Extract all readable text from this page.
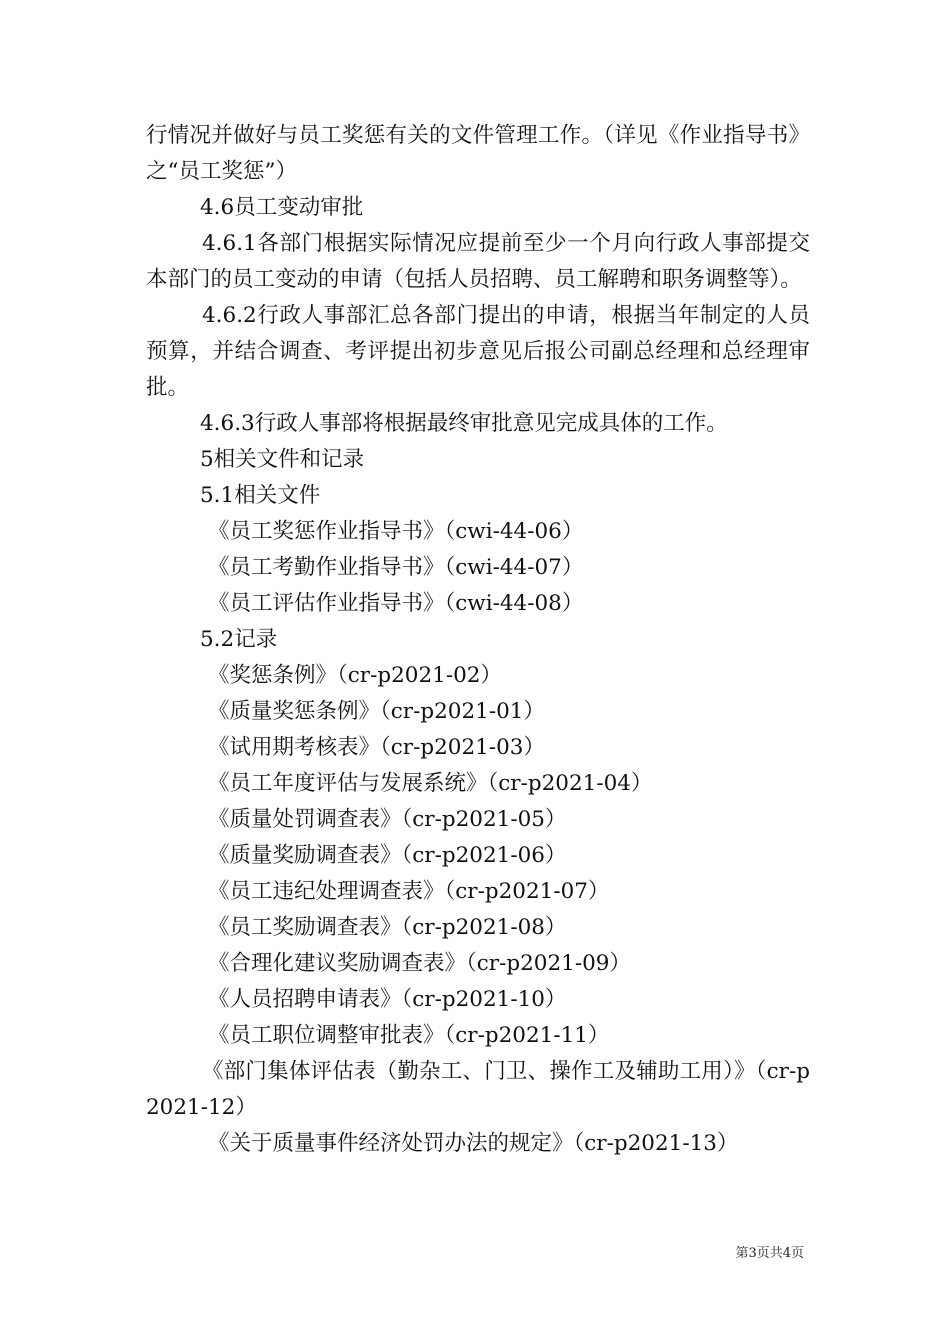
行情况并做好与员工奖惩有关的文件管理工作。（详见《作业指导书》之“员工奖惩”）

4.6员工变动审批

4.6.1各部门根据实际情况应提前至少一个月向行政人事部提交本部门的员工变动的申请（包括人员招聘、员工解聘和职务调整等）。

4.6.2行政人事部汇总各部门提出的申请，根据当年制定的人员预算，并结合调查、考评提出初步意见后报公司副总经理和总经理审批。

4.6.3行政人事部将根据最终审批意见完成具体的工作。
5相关文件和记录
5.1相关文件
《员工奖惩作业指导书》（cwi-44-06）
《员工考勤作业指导书》（cwi-44-07）
《员工评估作业指导书》（cwi-44-08）
5.2记录
《奖惩条例》（cr-p2021-02）
《质量奖惩条例》（cr-p2021-01）
《试用期考核表》（cr-p2021-03）
《员工年度评估与发展系统》（cr-p2021-04）
《质量处罚调查表》（cr-p2021-05）
《质量奖励调查表》（cr-p2021-06）
《员工违纪处理调查表》（cr-p2021-07）
《员工奖励调查表》（cr-p2021-08）
《合理化建议奖励调查表》（cr-p2021-09）
《人员招聘申请表》（cr-p2021-10）
《员工职位调整审批表》（cr-p2021-11）

《部门集体评估表（勤杂工、门卫、操作工及辅助工用）》（cr-p2021-12）

《关于质量事件经济处罚办法的规定》（cr-p2021-13）
第3页共4页
